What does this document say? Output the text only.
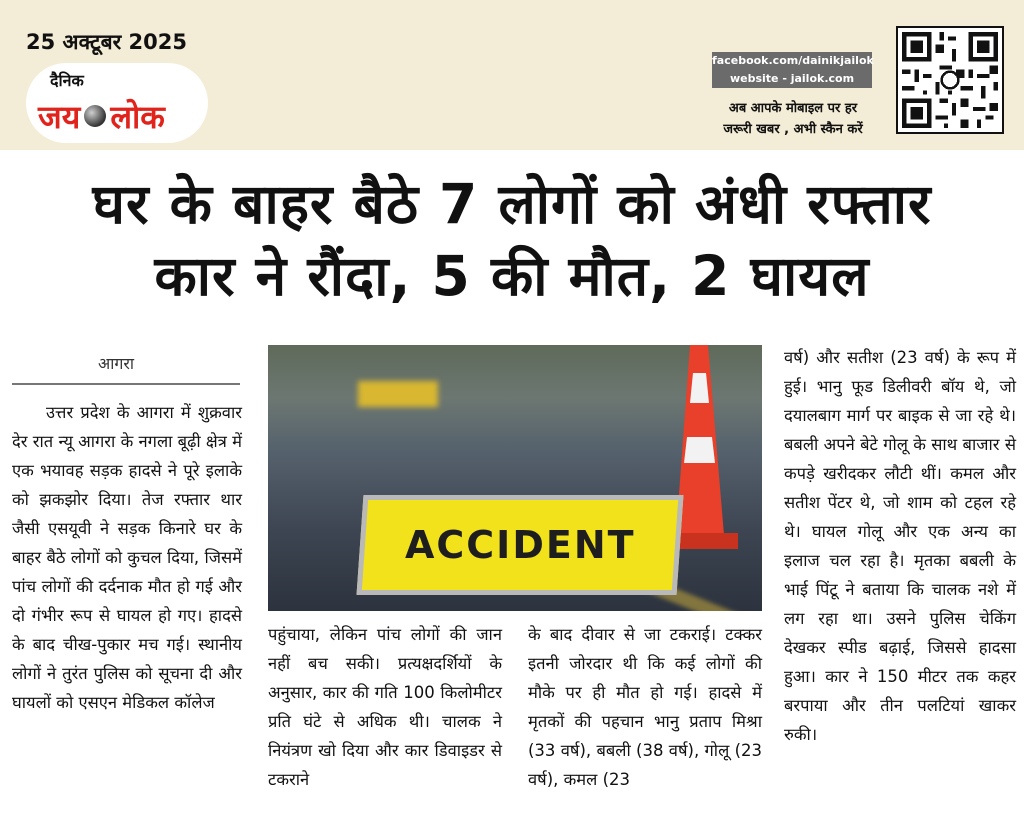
25 अक्टूबर 2025
दैनिक
जय लोक
facebook.com/dainikjailok
website - jailok.com
अब आपके मोबाइल पर हर
जरूरी खबर , अभी स्कैन करें
घर के बाहर बैठे 7 लोगों को अंधी रफ्तार
कार ने रौंदा, 5 की मौत, 2 घायल
आगरा

उत्तर प्रदेश के आगरा में शुक्रवार देर रात न्यू आगरा के नगला बूढ़ी क्षेत्र में एक भयावह सड़क हादसे ने पूरे इलाके को झकझोर दिया। तेज रफ्तार थार जैसी एसयूवी ने सड़क किनारे घर के बाहर बैठे लोगों को कुचल दिया, जिसमें पांच लोगों की दर्दनाक मौत हो गई और दो गंभीर रूप से घायल हो गए। हादसे के बाद चीख-पुकार मच गई। स्थानीय लोगों ने तुरंत पुलिस को सूचना दी और घायलों को एसएन मेडिकल कॉलेज

ACCIDENT

पहुंचाया, लेकिन पांच लोगों की जान नहीं बच सकी। प्रत्यक्षदर्शियों के अनुसार, कार की गति 100 किलोमीटर प्रति घंटे से अधिक थी। चालक ने नियंत्रण खो दिया और कार डिवाइडर से टकराने

के बाद दीवार से जा टकराई। टक्कर इतनी जोरदार थी कि कई लोगों की मौके पर ही मौत हो गई। हादसे में मृतकों की पहचान भानु प्रताप मिश्रा (33 वर्ष), बबली (38 वर्ष), गोलू (23 वर्ष), कमल (23

वर्ष) और सतीश (23 वर्ष) के रूप में हुई। भानु फूड डिलीवरी बॉय थे, जो दयालबाग मार्ग पर बाइक से जा रहे थे। बबली अपने बेटे गोलू के साथ बाजार से कपड़े खरीदकर लौटी थीं। कमल और सतीश पेंटर थे, जो शाम को टहल रहे थे। घायल गोलू और एक अन्य का इलाज चल रहा है। मृतका बबली के भाई पिंटू ने बताया कि चालक नशे में लग रहा था। उसने पुलिस चेकिंग देखकर स्पीड बढ़ाई, जिससे हादसा हुआ। कार ने 150 मीटर तक कहर बरपाया और तीन पलटियां खाकर रुकी।
